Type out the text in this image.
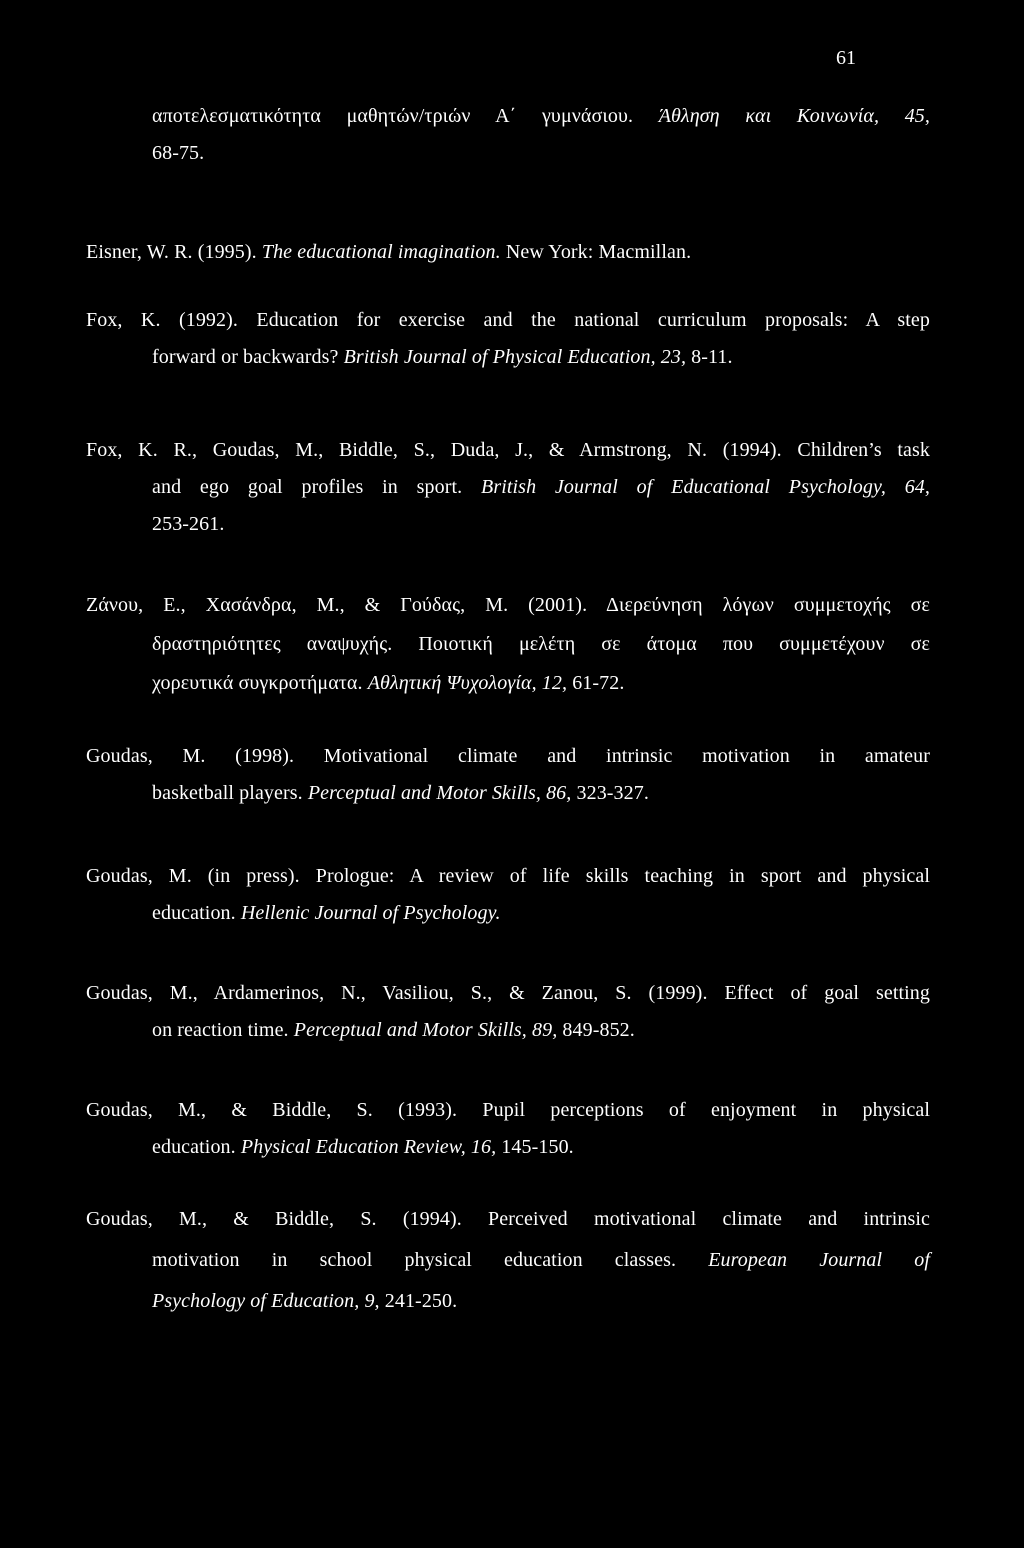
61
αποτελεσματικότητα μαθητών/τριών Α΄ γυμνάσιου. Άθληση και Κοινωνία, 45,
68-75.
Eisner, W. R. (1995). The educational imagination. New York: Macmillan.
Fox, K. (1992). Education for exercise and the national curriculum proposals: A step
forward or backwards? British Journal of Physical Education, 23, 8-11.
Fox, K. R., Goudas, M., Biddle, S., Duda, J., & Armstrong, N. (1994). Children’s task
and ego goal profiles in sport. British Journal of Educational Psychology, 64,
253-261.
Ζάνου, Ε., Χασάνδρα, Μ., & Γούδας, Μ. (2001). Διερεύνηση λόγων συμμετοχής σε
δραστηριότητες αναψυχής. Ποιοτική μελέτη σε άτομα που συμμετέχουν σε
χορευτικά συγκροτήματα. Αθλητική Ψυχολογία, 12, 61-72.
Goudas, M. (1998). Motivational climate and intrinsic motivation in amateur
basketball players. Perceptual and Motor Skills, 86, 323-327.
Goudas, M. (in press). Prologue: A review of life skills teaching in sport and physical
education. Hellenic Journal of Psychology.
Goudas, M., Ardamerinos, N., Vasiliou, S., & Zanou, S. (1999). Effect of goal setting
on reaction time. Perceptual and Motor Skills, 89, 849-852.
Goudas, M., & Biddle, S. (1993). Pupil perceptions of enjoyment in physical
education. Physical Education Review, 16, 145-150.
Goudas, M., & Biddle, S. (1994). Perceived motivational climate and intrinsic
motivation in school physical education classes. European Journal of
Psychology of Education, 9, 241-250.
